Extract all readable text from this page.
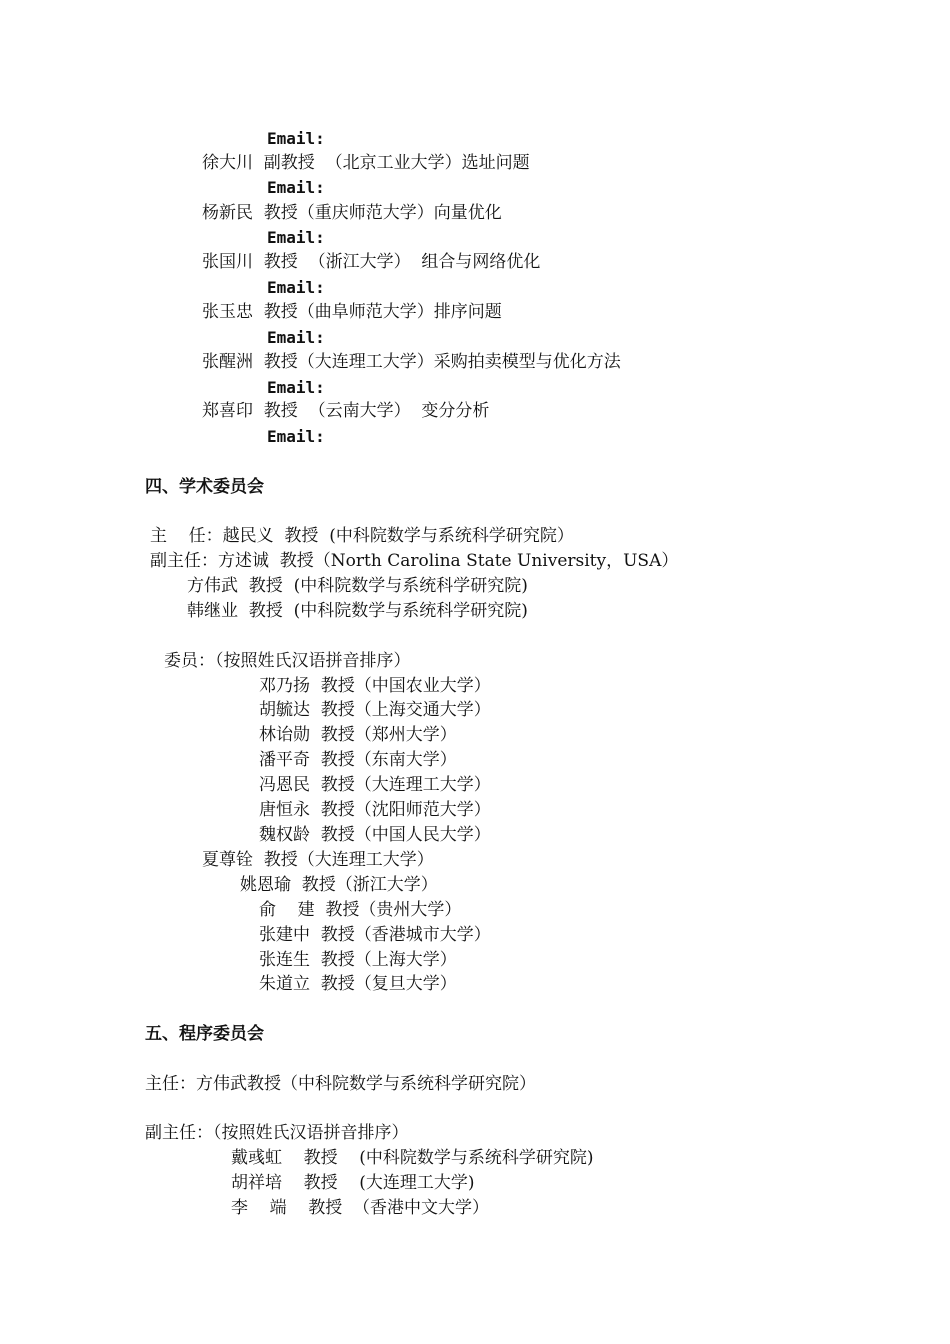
Email:
徐大川  副教授  （北京工业大学）选址问题
Email:
杨新民  教授（重庆师范大学）向量优化
Email:
张国川  教授  （浙江大学）  组合与网络优化
Email:
张玉忠  教授（曲阜师范大学）排序问题
Email:
张醒洲  教授（大连理工大学）采购拍卖模型与优化方法
Email:
郑喜印  教授  （云南大学）  变分分析
Email:
四、学术委员会
主    任：越民义  教授  (中科院数学与系统科学研究院）
副主任：方述诚  教授（North Carolina State University，USA）
方伟武  教授  (中科院数学与系统科学研究院)
韩继业  教授  (中科院数学与系统科学研究院)
委员：（按照姓氏汉语拼音排序）
邓乃扬  教授（中国农业大学）
胡毓达  教授（上海交通大学）
林诒勋  教授（郑州大学）
潘平奇  教授（东南大学）
冯恩民  教授（大连理工大学）
唐恒永  教授（沈阳师范大学）
魏权龄  教授（中国人民大学）
夏尊铨  教授（大连理工大学）
姚恩瑜  教授（浙江大学）
俞    建  教授（贵州大学）
张建中  教授（香港城市大学）
张连生  教授（上海大学）
朱道立  教授（复旦大学）
五、程序委员会
主任：方伟武教授（中科院数学与系统科学研究院）
副主任：（按照姓氏汉语拼音排序）
戴彧虹    教授    (中科院数学与系统科学研究院)
胡祥培    教授    (大连理工大学)
李    端    教授  （香港中文大学）
